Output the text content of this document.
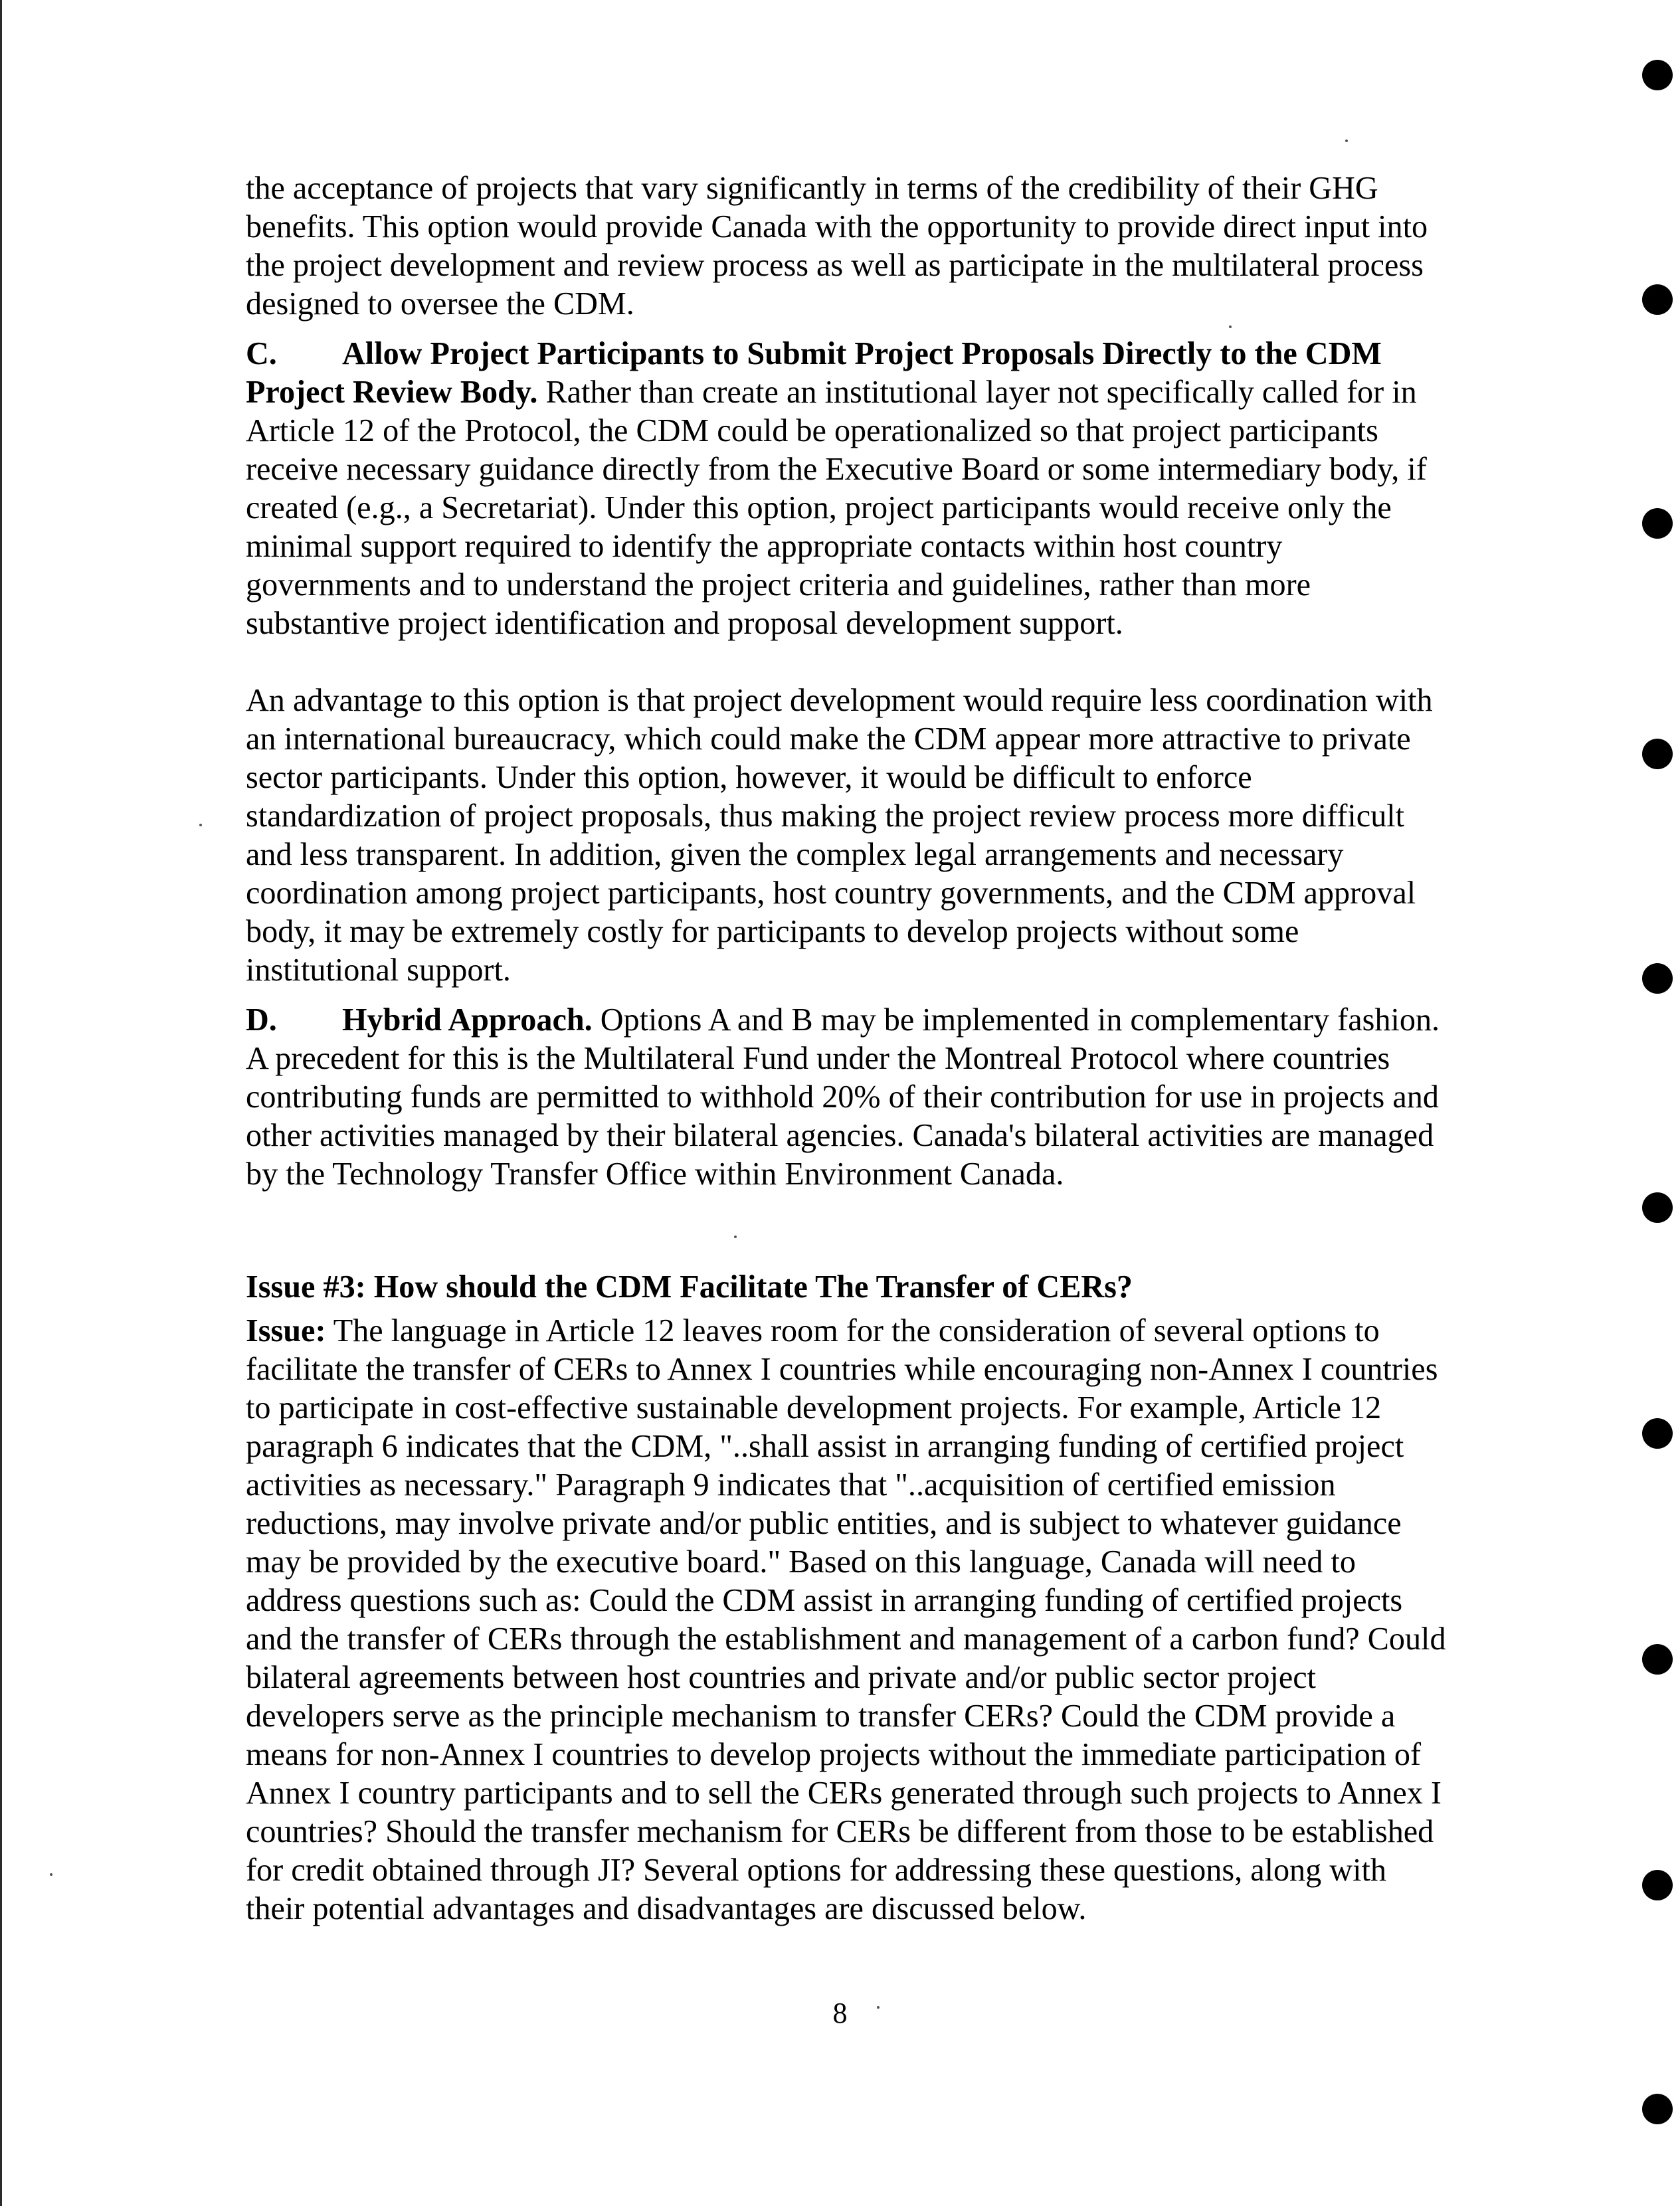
the acceptance of projects that vary significantly in terms of the credibility of their GHG benefits. This option would provide Canada with the opportunity to provide direct input into the project development and review process as well as participate in the multilateral process designed to oversee the CDM.

C. Allow Project Participants to Submit Project Proposals Directly to the CDM Project Review Body. Rather than create an institutional layer not specifically called for in Article 12 of the Protocol, the CDM could be operationalized so that project participants receive necessary guidance directly from the Executive Board or some intermediary body, if created (e.g., a Secretariat). Under this option, project participants would receive only the minimal support required to identify the appropriate contacts within host country governments and to understand the project criteria and guidelines, rather than more substantive project identification and proposal development support.

An advantage to this option is that project development would require less coordination with an international bureaucracy, which could make the CDM appear more attractive to private sector participants. Under this option, however, it would be difficult to enforce standardization of project proposals, thus making the project review process more difficult and less transparent. In addition, given the complex legal arrangements and necessary coordination among project participants, host country governments, and the CDM approval body, it may be extremely costly for participants to develop projects without some institutional support.

D. Hybrid Approach. Options A and B may be implemented in complementary fashion. A precedent for this is the Multilateral Fund under the Montreal Protocol where countries contributing funds are permitted to withhold 20% of their contribution for use in projects and other activities managed by their bilateral agencies. Canada's bilateral activities are managed by the Technology Transfer Office within Environment Canada.

Issue #3: How should the CDM Facilitate The Transfer of CERs?

Issue: The language in Article 12 leaves room for the consideration of several options to facilitate the transfer of CERs to Annex I countries while encouraging non-Annex I countries to participate in cost-effective sustainable development projects. For example, Article 12 paragraph 6 indicates that the CDM, "..shall assist in arranging funding of certified project activities as necessary." Paragraph 9 indicates that "..acquisition of certified emission reductions, may involve private and/or public entities, and is subject to whatever guidance may be provided by the executive board." Based on this language, Canada will need to address questions such as: Could the CDM assist in arranging funding of certified projects and the transfer of CERs through the establishment and management of a carbon fund? Could bilateral agreements between host countries and private and/or public sector project developers serve as the principle mechanism to transfer CERs? Could the CDM provide a means for non-Annex I countries to develop projects without the immediate participation of Annex I country participants and to sell the CERs generated through such projects to Annex I countries? Should the transfer mechanism for CERs be different from those to be established for credit obtained through JI? Several options for addressing these questions, along with their potential advantages and disadvantages are discussed below.

8
